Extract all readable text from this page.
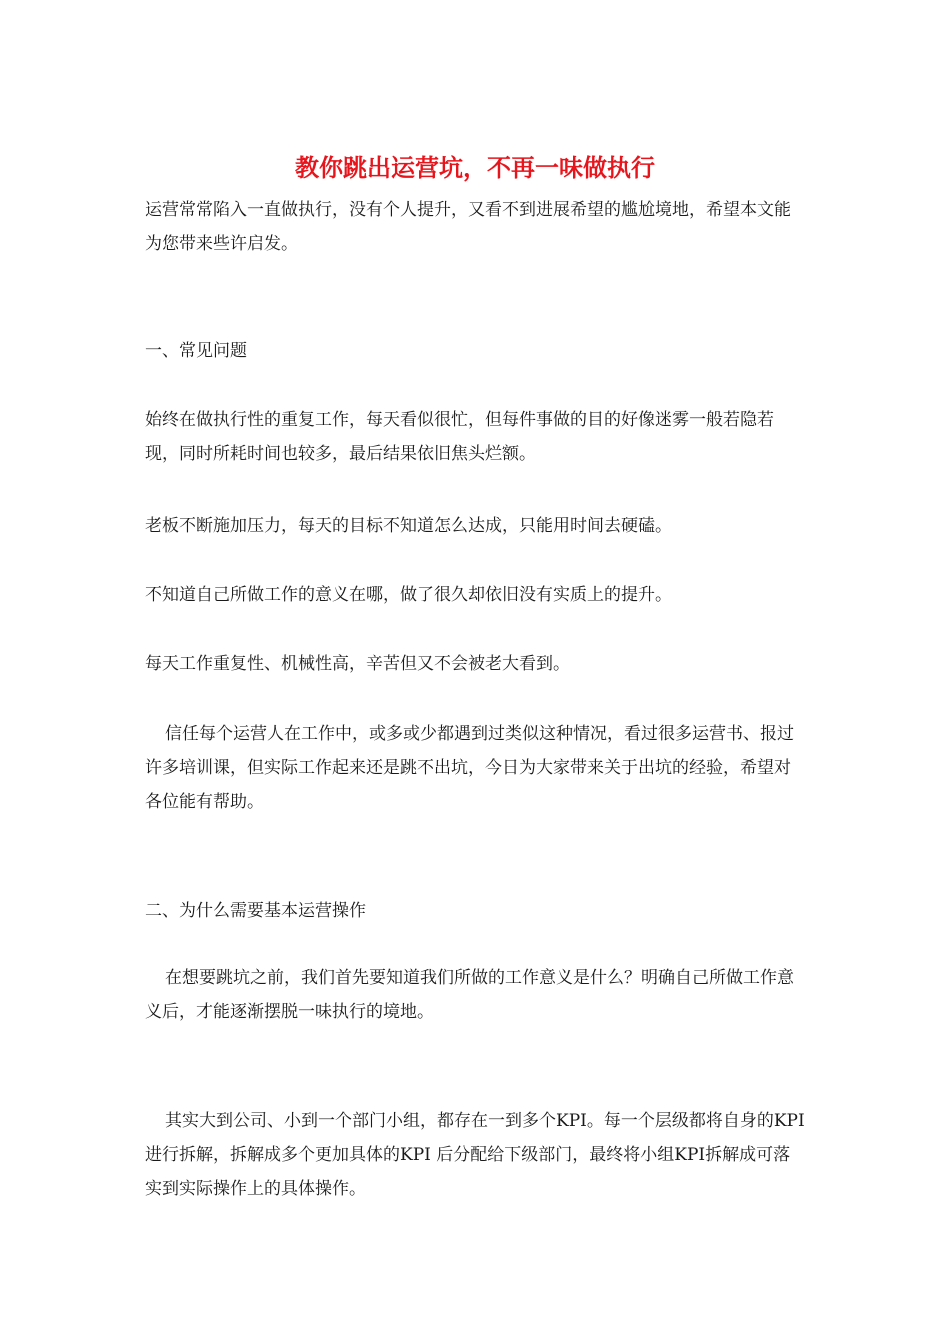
教你跳出运营坑，不再一味做执行

运营常常陷入一直做执行，没有个人提升，又看不到进展希望的尴尬境地，希望本文能为您带来些许启发。

一、常见问题

始终在做执行性的重复工作，每天看似很忙，但每件事做的目的好像迷雾一般若隐若现，同时所耗时间也较多，最后结果依旧焦头烂额。

老板不断施加压力，每天的目标不知道怎么达成，只能用时间去硬磕。

不知道自己所做工作的意义在哪，做了很久却依旧没有实质上的提升。

每天工作重复性、机械性高，辛苦但又不会被老大看到。

信任每个运营人在工作中，或多或少都遇到过类似这种情况，看过很多运营书、报过许多培训课，但实际工作起来还是跳不出坑，今日为大家带来关于出坑的经验，希望对各位能有帮助。

二、为什么需要基本运营操作

在想要跳坑之前，我们首先要知道我们所做的工作意义是什么？明确自己所做工作意义后，才能逐渐摆脱一味执行的境地。

其实大到公司、小到一个部门小组，都存在一到多个KPI。每一个层级都将自身的KPI进行拆解，拆解成多个更加具体的KPI 后分配给下级部门，最终将小组KPI拆解成可落实到实际操作上的具体操作。
